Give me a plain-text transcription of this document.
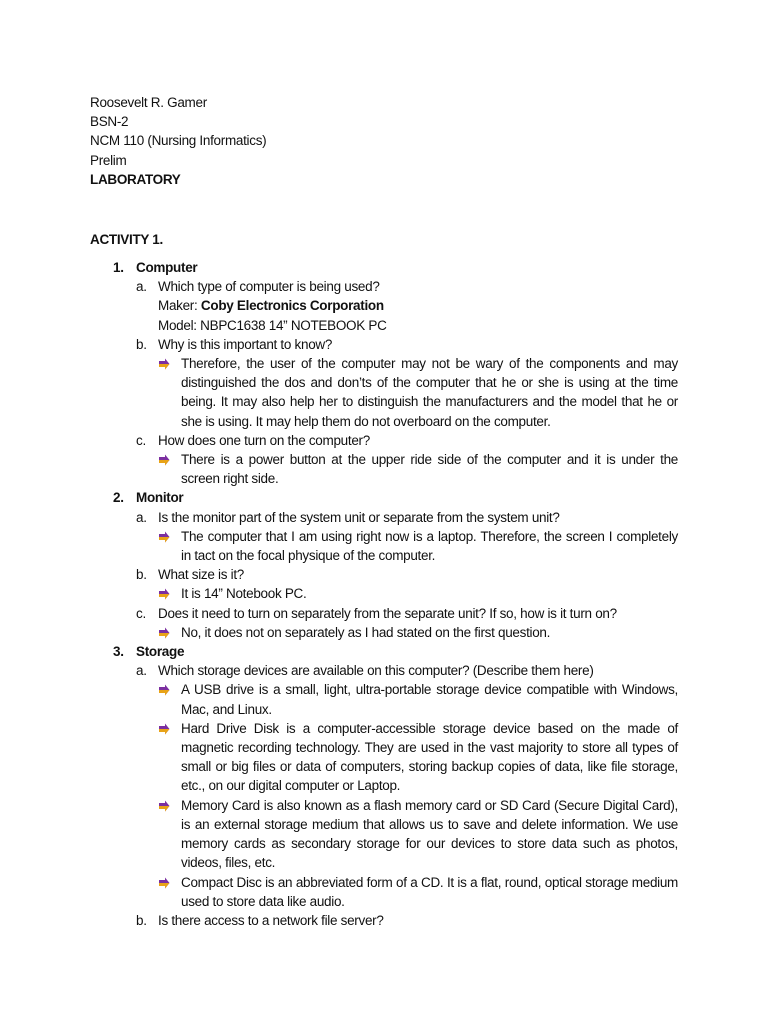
Roosevelt R. Gamer
BSN-2
NCM 110 (Nursing Informatics)
Prelim
LABORATORY
ACTIVITY 1.
1. Computer
a. Which type of computer is being used?
Maker: Coby Electronics Corporation
Model: NBPC1638 14” NOTEBOOK PC
b. Why is this important to know?
Therefore, the user of the computer may not be wary of the components and may distinguished the dos and don’ts of the computer that he or she is using at the time being. It may also help her to distinguish the manufacturers and the model that he or she is using. It may help them do not overboard on the computer.
c. How does one turn on the computer?
There is a power button at the upper ride side of the computer and it is under the screen right side.
2. Monitor
a. Is the monitor part of the system unit or separate from the system unit?
The computer that I am using right now is a laptop. Therefore, the screen I completely in tact on the focal physique of the computer.
b. What size is it?
It is 14” Notebook PC.
c. Does it need to turn on separately from the separate unit? If so, how is it turn on?
No, it does not on separately as I had stated on the first question.
3. Storage
a. Which storage devices are available on this computer? (Describe them here)
A USB drive is a small, light, ultra-portable storage device compatible with Windows, Mac, and Linux.
Hard Drive Disk is a computer-accessible storage device based on the made of magnetic recording technology. They are used in the vast majority to store all types of small or big files or data of computers, storing backup copies of data, like file storage, etc., on our digital computer or Laptop.
Memory Card is also known as a flash memory card or SD Card (Secure Digital Card), is an external storage medium that allows us to save and delete information. We use memory cards as secondary storage for our devices to store data such as photos, videos, files, etc.
Compact Disc is an abbreviated form of a CD. It is a flat, round, optical storage medium used to store data like audio.
b. Is there access to a network file server?
